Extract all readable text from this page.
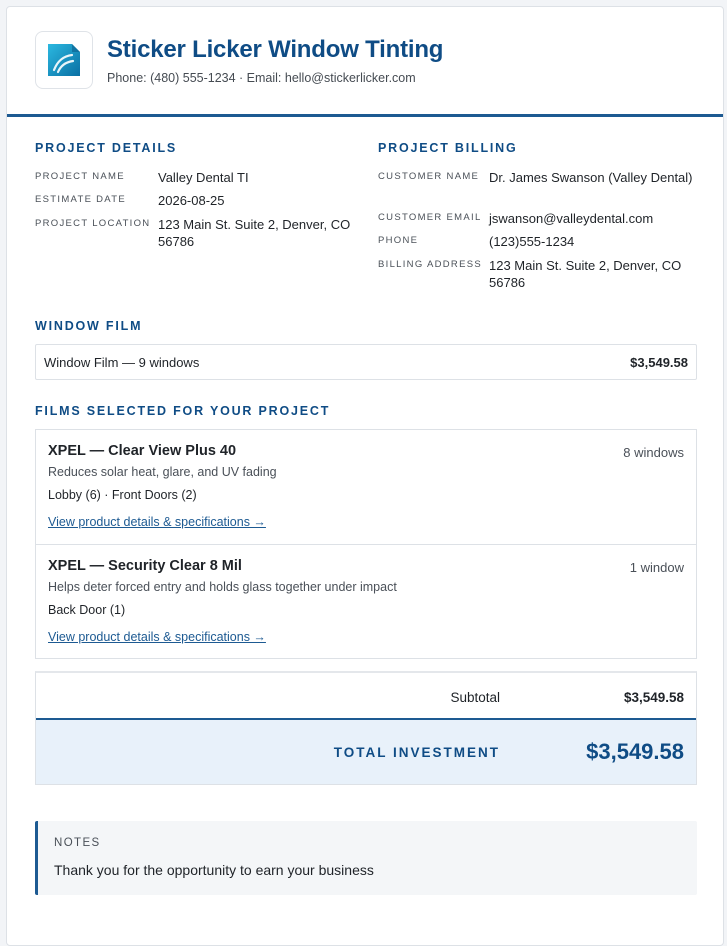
Sticker Licker Window Tinting
Phone: (480) 555-1234 · Email: hello@stickerlicker.com
PROJECT DETAILS
PROJECT NAME	Valley Dental TI
ESTIMATE DATE 2026-08-25
PROJECT LOCATION 123 Main St. Suite 2, Denver, CO 56786
PROJECT BILLING
CUSTOMER NAME Dr. James Swanson (Valley Dental)
CUSTOMER EMAIL jswanson@valleydental.com
PHONE	(123)555-1234
BILLING ADDRESS 123 Main St. Suite 2, Denver, CO 56786
WINDOW FILM
Window Film — 9 windows	$3,549.58
FILMS SELECTED FOR YOUR PROJECT
XPEL — Clear View Plus 40	8 windows
Reduces solar heat, glare, and UV fading
Lobby (6) · Front Doors (2)
View product details & specifications →
XPEL — Security Clear 8 Mil	1 window
Helps deter forced entry and holds glass together under impact
Back Door (1)
View product details & specifications →
Subtotal	$3,549.58
TOTAL INVESTMENT	$3,549.58
NOTES
Thank you for the opportunity to earn your business
